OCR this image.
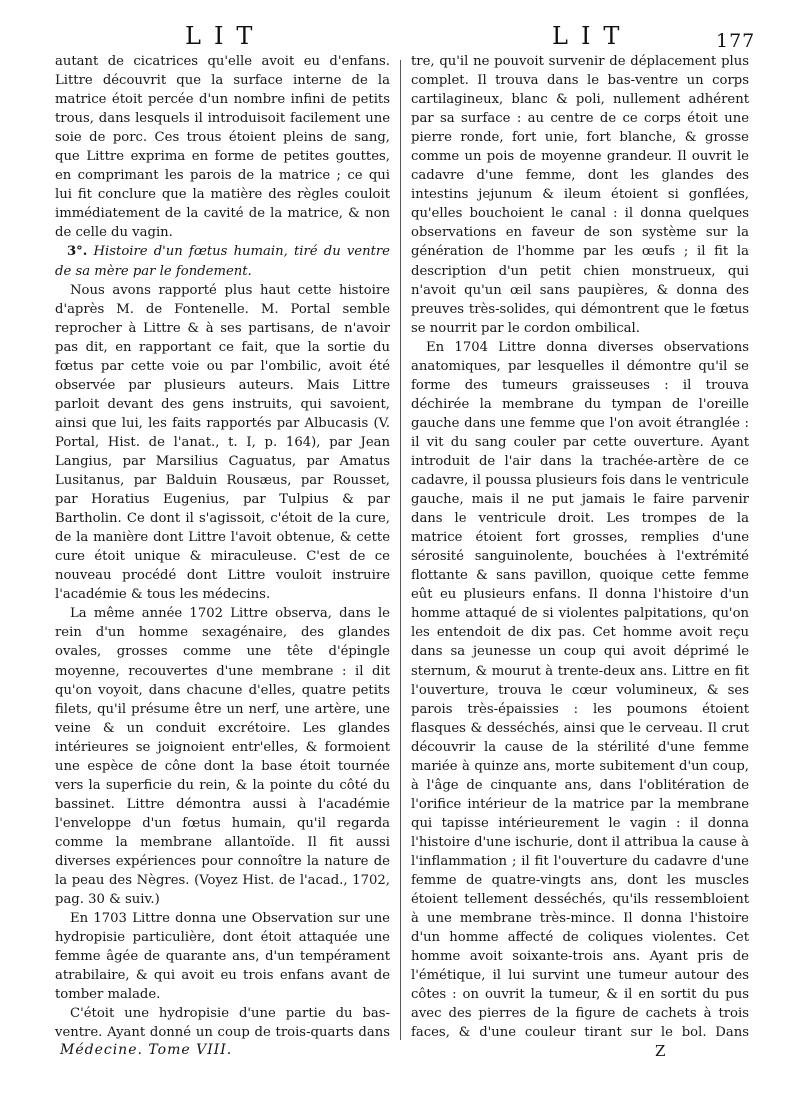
LIT	LIT	177

autant de cicatrices qu'elle avoit eu d'enfans. Littre découvrit que la surface interne de la matrice étoit percée d'un nombre infini de petits trous, dans lesquels il introduisoit facilement une soie de porc. Ces trous étoient pleins de sang, que Littre exprima en forme de petites gouttes, en comprimant les parois de la matrice ; ce qui lui fit conclure que la matière des règles couloit immédiatement de la cavité de la matrice, & non de celle du vagin.

3°. Histoire d'un fœtus humain, tiré du ventre de sa mère par le fondement.

Nous avons rapporté plus haut cette histoire d'après M. de Fontenelle. M. Portal semble reprocher à Littre & à ses partisans, de n'avoir pas dit, en rapportant ce fait, que la sortie du fœtus par cette voie ou par l'ombilic, avoit été observée par plusieurs auteurs. Mais Littre parloit devant des gens instruits, qui savoient, ainsi que lui, les faits rapportés par Albucasis (V. Portal, Hist. de l'anat., t. I, p. 164), par Jean Langius, par Marsilius Caguatus, par Amatus Lusitanus, par Balduin Rousæus, par Rousset, par Horatius Eugenius, par Tulpius & par Bartholin. Ce dont il s'agissoit, c'étoit de la cure, de la manière dont Littre l'avoit obtenue, & cette cure étoit unique & miraculeuse. C'est de ce nouveau procédé dont Littre vouloit instruire l'académie & tous les médecins.

La même année 1702 Littre observa, dans le rein d'un homme sexagénaire, des glandes ovales, grosses comme une tête d'épingle moyenne, recouvertes d'une membrane : il dit qu'on voyoit, dans chacune d'elles, quatre petits filets, qu'il présume être un nerf, une artère, une veine & un conduit excrétoire. Les glandes intérieures se joignoient entr'elles, & formoient une espèce de cône dont la base étoit tournée vers la superficie du rein, & la pointe du côté du bassinet. Littre démontra aussi à l'académie l'enveloppe d'un fœtus humain, qu'il regarda comme la membrane allantoïde. Il fit aussi diverses expériences pour connoître la nature de la peau des Nègres. (Voyez Hist. de l'acad., 1702, pag. 30 & suiv.)

En 1703 Littre donna une Observation sur une hydropisie particulière, dont étoit attaquée une femme âgée de quarante ans, d'un tempérament atrabilaire, & qui avoit eu trois enfans avant de tomber malade.

C'étoit une hydropisie d'une partie du bas-ventre. Ayant donné un coup de trois-quarts dans

tre, qu'il ne pouvoit survenir de déplacement plus complet. Il trouva dans le bas-ventre un corps cartilagineux, blanc & poli, nullement adhérent par sa surface : au centre de ce corps étoit une pierre ronde, fort unie, fort blanche, & grosse comme un pois de moyenne grandeur. Il ouvrit le cadavre d'une femme, dont les glandes des intestins jejunum & ileum étoient si gonflées, qu'elles bouchoient le canal : il donna quelques observations en faveur de son système sur la génération de l'homme par les œufs ; il fit la description d'un petit chien monstrueux, qui n'avoit qu'un œil sans paupières, & donna des preuves très-solides, qui démontrent que le fœtus se nourrit par le cordon ombilical.

En 1704 Littre donna diverses observations anatomiques, par lesquelles il démontre qu'il se forme des tumeurs graisseuses : il trouva déchirée la membrane du tympan de l'oreille gauche dans une femme que l'on avoit étranglée : il vit du sang couler par cette ouverture. Ayant introduit de l'air dans la trachée-artère de ce cadavre, il poussa plusieurs fois dans le ventricule gauche, mais il ne put jamais le faire parvenir dans le ventricule droit. Les trompes de la matrice étoient fort grosses, remplies d'une sérosité sanguinolente, bouchées à l'extrémité flottante & sans pavillon, quoique cette femme eût eu plusieurs enfans. Il donna l'histoire d'un homme attaqué de si violentes palpitations, qu'on les entendoit de dix pas. Cet homme avoit reçu dans sa jeunesse un coup qui avoit déprimé le sternum, & mourut à trente-deux ans. Littre en fit l'ouverture, trouva le cœur volumineux, & ses parois très-épaissies : les poumons étoient flasques & desséchés, ainsi que le cerveau. Il crut découvrir la cause de la stérilité d'une femme mariée à quinze ans, morte subitement d'un coup, à l'âge de cinquante ans, dans l'oblitération de l'orifice intérieur de la matrice par la membrane qui tapisse intérieurement le vagin : il donna l'histoire d'une ischurie, dont il attribua la cause à l'inflammation ; il fit l'ouverture du cadavre d'une femme de quatre-vingts ans, dont les muscles étoient tellement desséchés, qu'ils ressembloient à une membrane très-mince. Il donna l'histoire d'un homme affecté de coliques violentes. Cet homme avoit soixante-trois ans. Ayant pris de l'émétique, il lui survint une tumeur autour des côtes : on ouvrit la tumeur, & il en sortit du pus avec des pierres de la figure de cachets à trois faces, & d'une couleur tirant sur le bol. Dans

Médecine. Tome VIII.	Z
